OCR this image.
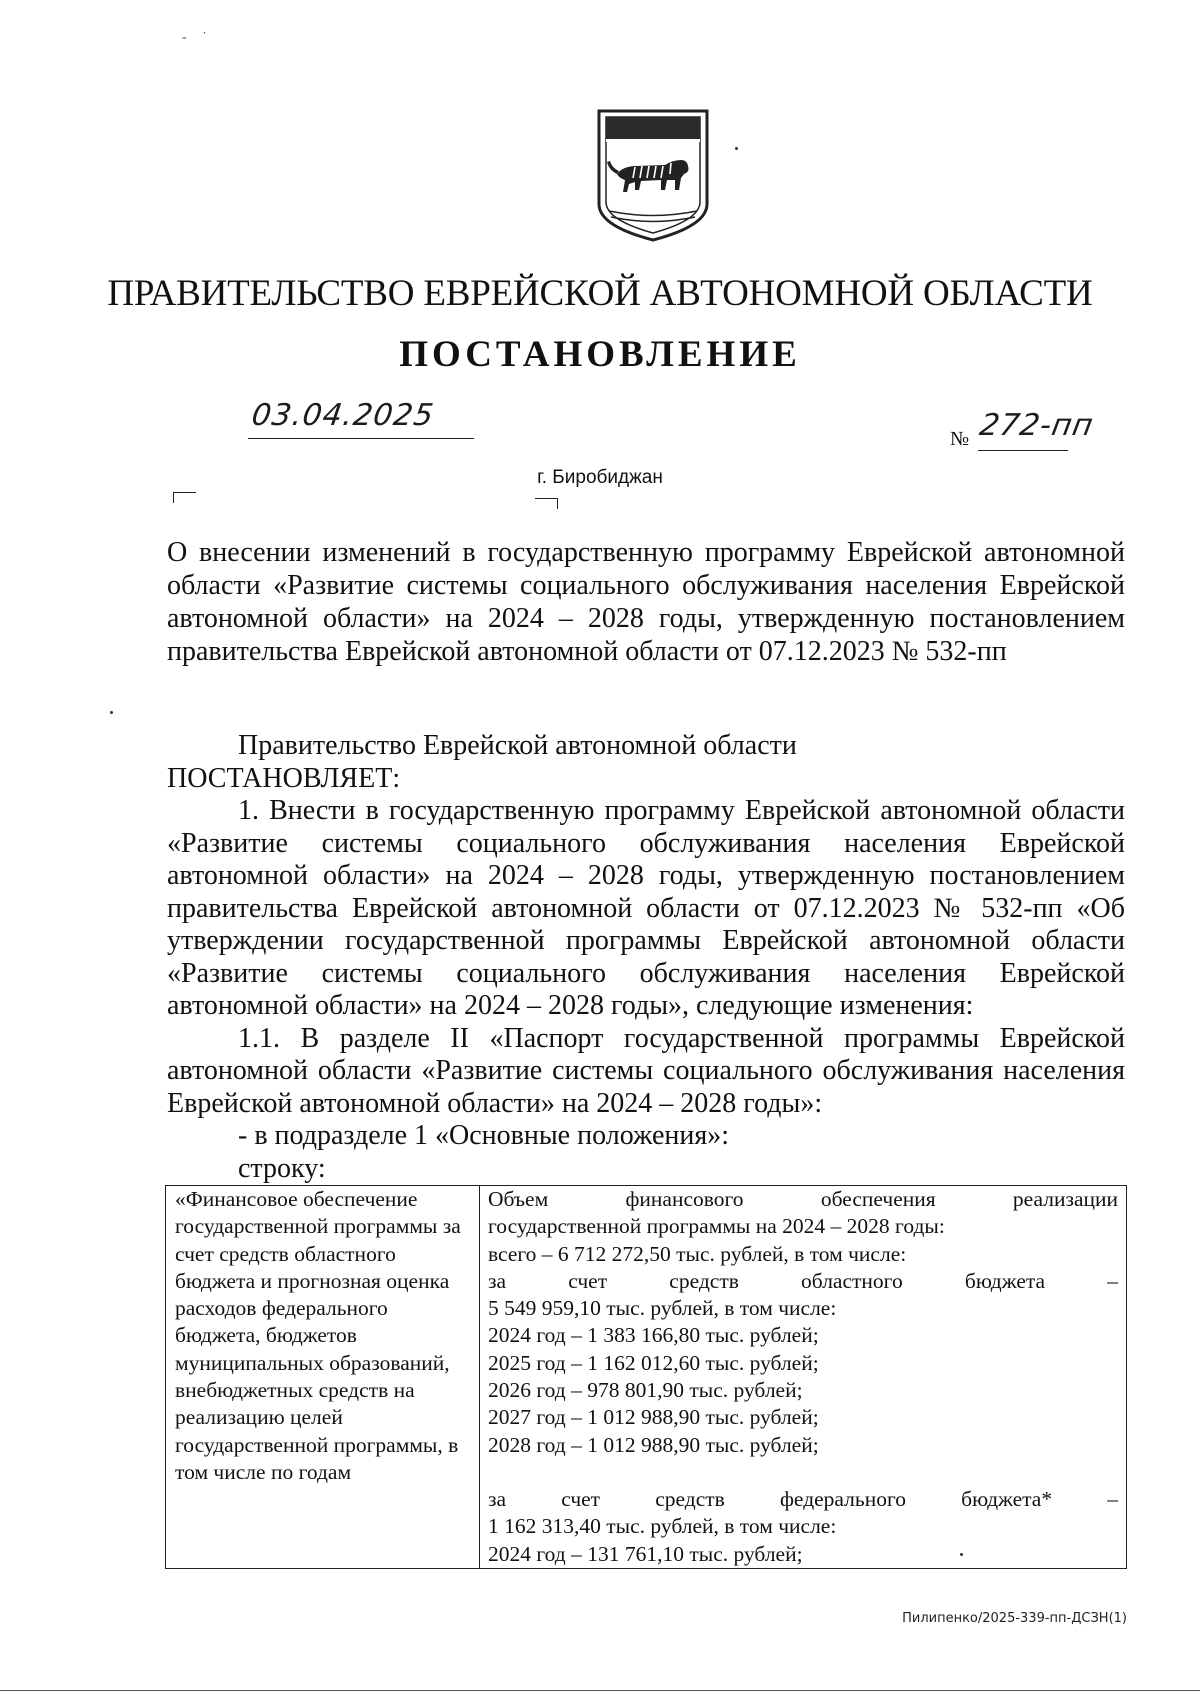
- ˙
ПРАВИТЕЛЬСТВО ЕВРЕЙСКОЙ АВТОНОМНОЙ ОБЛАСТИ
ПОСТАНОВЛЕНИЕ
03.04.2025
№ 272-пп
г. Биробиджан
О внесении изменений в государственную программу Еврейской автономной области «Развитие системы социального обслуживания населения Еврейской автономной области» на 2024 – 2028 годы, утвержденную постановлением правительства Еврейской автономной области от 07.12.2023 № 532-пп

Правительство Еврейской автономной области

ПОСТАНОВЛЯЕТ:

1. Внести в государственную программу Еврейской автономной области «Развитие системы социального обслуживания населения Еврейской автономной области» на 2024 – 2028 годы, утвержденную постановлением правительства Еврейской автономной области от 07.12.2023 № 532-пп «Об утверждении государственной программы Еврейской автономной области «Развитие системы социального обслуживания населения Еврейской автономной области» на 2024 – 2028 годы», следующие изменения:

1.1. В разделе II «Паспорт государственной программы Еврейской автономной области «Развитие системы социального обслуживания населения Еврейской автономной области» на 2024 – 2028 годы»:

- в подразделе 1 «Основные положения»:

строку:

«Финансовое обеспечение государственной программы за счет средств областного бюджета и прогнозная оценка расходов федерального бюджета, бюджетов муниципальных образований, внебюджетных средств на реализацию целей государственной программы, в том числе по годам	

Объем финансового обеспечения реализации

государственной программы на 2024 – 2028 годы:

всего – 6 712 272,50 тыс. рублей, в том числе:

за счет средств областного бюджета –

5 549 959,10 тыс. рублей, в том числе:

2024 год – 1 383 166,80 тыс. рублей;

2025 год – 1 162 012,60 тыс. рублей;

2026 год – 978 801,90 тыс. рублей;

2027 год – 1 012 988,90 тыс. рублей;

2028 год – 1 012 988,90 тыс. рублей;

за счет средств федерального бюджета* –

1 162 313,40 тыс. рублей, в том числе:

2024 год – 131 761,10 тыс. рублей;

Пилипенко/2025-339-пп-ДСЗН(1)
